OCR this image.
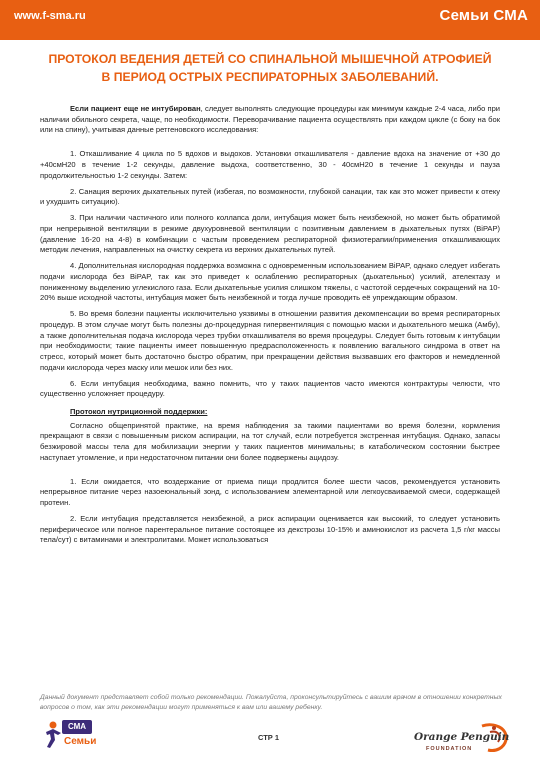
www.f-sma.ru	Семьи СМА
ПРОТОКОЛ ВЕДЕНИЯ ДЕТЕЙ СО СПИНАЛЬНОЙ МЫШЕЧНОЙ АТРОФИЕЙ
В ПЕРИОД ОСТРЫХ РЕСПИРАТОРНЫХ ЗАБОЛЕВАНИЙ.

Если пациент еще не интубирован, следует выполнять следующие процедуры как минимум каждые 2-4 часа, либо при наличии обильного секрета, чаще, по необходимости. Переворачивание пациента осуществлять при каждом цикле (с боку на бок или на спину), учитывая данные ретгеновского исследования:

1. Откашливание 4 цикла по 5 вдохов и выдохов. Установки откашливателя - давление вдоха на значение от +30 до +40смН20 в течение 1-2 секунды, давление выдоха, соответственно, 30 - 40смН20 в течение 1 секунды и пауза продолжительностью 1-2 секунды. Затем:

2. Санация верхних дыхательных путей (избегая, по возможности, глубокой санации, так как это может привести к отеку и ухудшить ситуацию).

3. При наличии частичного или полного коллапса доли, интубация может быть неизбежной, но может быть обратимой при непрерывной вентиляции в режиме двухуровневой вентиляции с позитивным давлением в дыхательных путях (BiPAP) (давление 16-20 на 4-8) в комбинации с частым проведением респираторной физиотерапии/применения откашливающих методик лечения, направленных на очистку секрета из верхних дыхательных путей.

4. Дополнительная кислородная поддержка возможна с одновременным использованием BiPAP, однако следует избегать подачи кислорода без BiPAP, так как это приведет к ослаблению респираторных (дыхательных) усилий, ателектазу и пониженному выделению углекислого газа. Если дыхательные усилия слишком тяжелы, с частотой сердечных сокращений на 10-20% выше исходной частоты, интубация может быть неизбежной и тогда лучше проводить её упреждающим образом.

5. Во время болезни пациенты исключительно уязвимы в отношении развития декомпенсации во время респираторных процедур. В этом случае могут быть полезны до-процедурная гипервентиляция с помощью маски и дыхательного мешка (Амбу), а также дополнительная подача кислорода через трубки откашливателя во время процедуры. Следует быть готовым к интубации при необходимости; такие пациенты имеет повышенную предрасположенность к появлению вагального синдрома в ответ на стресс, который может быть достаточно быстро обратим, при прекращении действия вызвавших его факторов и немедленной подачи кислорода через маску или мешок или без них.

6. Если интубация необходима, важно помнить, что у таких пациентов часто имеются контрактуры челюсти, что существенно усложняет процедуру.

Протокол нутриционной поддержки:

Согласно общепринятой практике, на время наблюдения за такими пациентами во время болезни, кормления прекращают в связи с повышенным риском аспирации, на тот случай, если потребуется экстренная интубация. Однако, запасы безжировой массы тела для мобилизации энергии у таких пациентов минимальны; в катаболическом состоянии быстрее наступает утомление, и при недостаточном питании они более подвержены ацидозу.

1. Если ожидается, что воздержание от приема пищи продлится более шести часов, рекомендуется установить непрерывное питание через назоеюнальный зонд, с использованием элементарной или легкоусваиваемой смеси, содержащей протеин.

2. Если интубация представляется неизбежной, а риск аспирации оценивается как высокий, то следует установить периферическое или полное парентеральное питание состоящее из декстрозы 10-15% и аминокислот из расчета 1,5 г/кг массы тела/сут) с витаминами и электролитами. Может использоваться

Данный документ представляет собой только рекомендации. Пожалуйста, проконсультируйтесь с вашим врачом в отношении конкретных вопросов о том, как эти рекомендации могут применяться к вам или вашему ребенку.
СМА
Семьи	СТР 1	Orange Penguin
FOUNDATION
